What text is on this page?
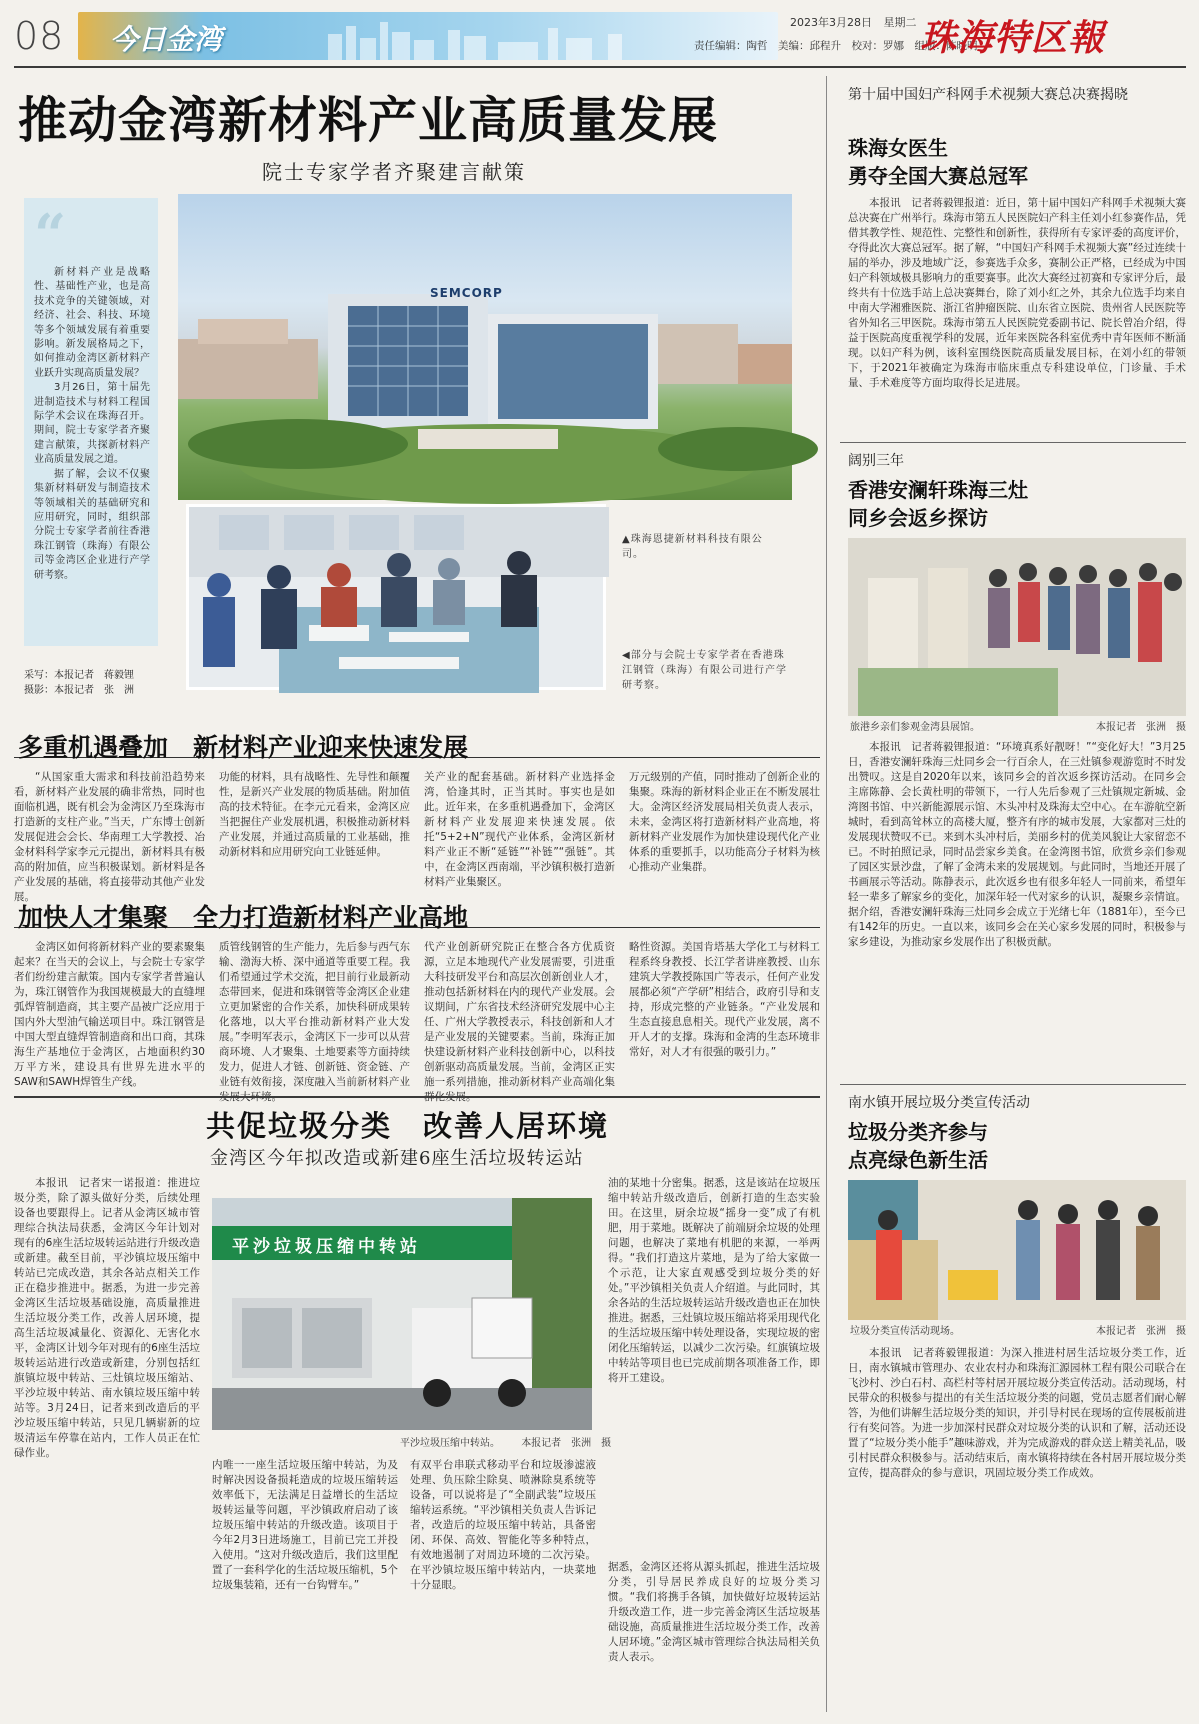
08 今日金湾
2023年3月28日 星期二
责任编辑：陶哲　美编：邱程升　校对：罗娜　组版：陈晓明
珠海特区報
推动金湾新材料产业高质量发展
院士专家学者齐聚建言献策
“
新材料产业是战略性、基础性产业，也是高技术竞争的关键领域，对经济、社会、科技、环境等多个领域发展有着重要影响。新发展格局之下，如何推动金湾区新材料产业跃升实现高质量发展？
3月26日，第十届先进制造技术与材料工程国际学术会议在珠海召开。期间，院士专家学者齐聚建言献策，共探新材料产业高质量发展之道。
据了解，会议不仅聚集新材料研发与制造技术等领域相关的基础研究和应用研究，同时，组织部分院士专家学者前往香港珠江钢管（珠海）有限公司等金湾区企业进行产学研考察。
采写：本报记者　蒋毅锂
摄影：本报记者　张　洲
SEMCORP
▲珠海恩捷新材料科技有限公司。
◀部分与会院士专家学者在香港珠江钢管（珠海）有限公司进行产学研考察。
多重机遇叠加　新材料产业迎来快速发展
“从国家重大需求和科技前沿趋势来看，新材料产业发展的确非常热，同时也面临机遇，既有机会为金湾区乃至珠海市打造新的支柱产业。”当天，广东博士创新发展促进会会长、华南理工大学教授、冶金材料科学家李元元提出，新材料具有极高的附加值，应当积极谋划。新材料是各产业发展的基础，将直接带动其他产业发展。
功能的材料，具有战略性、先导性和颠覆性，是新兴产业发展的物质基础。附加值高的技术特征。在李元元看来，金湾区应当把握住产业发展机遇，积极推动新材料产业发展，并通过高质量的工业基础，推动新材料和应用研究向工业链延伸。
关产业的配套基础。新材料产业选择金湾，恰逢其时，正当其时。事实也是如此。近年来，在多重机遇叠加下，金湾区新材料产业发展迎来快速发展。依托“5+2+N”现代产业体系，金湾区新材料产业正不断“延链”“补链”“强链”。其中，在金湾区西南端，平沙镇积极打造新材料产业集聚区。
万元级别的产值，同时推动了创新企业的集聚。珠海的新材料企业正在不断发展壮大。金湾区经济发展局相关负责人表示，未来，金湾区将打造新材料产业高地，将新材料产业发展作为加快建设现代化产业体系的重要抓手，以功能高分子材料为核心推动产业集群。
加快人才集聚　全力打造新材料产业高地
金湾区如何将新材料产业的要素聚集起来？在当天的会议上，与会院士专家学者们纷纷建言献策。国内专家学者普遍认为，珠江钢管作为我国规模最大的直缝埋弧焊管制造商，其主要产品被广泛应用于国内外大型油气输送项目中。珠江钢管是中国大型直缝焊管制造商和出口商，其珠海生产基地位于金湾区，占地面积约30万平方米，建设具有世界先进水平的SAW和SAWH焊管生产线。
质管线钢管的生产能力，先后参与西气东输、渤海大桥、深中通道等重要工程。我们希望通过学术交流，把目前行业最新动态带回来，促进和珠钢管等金湾区企业建立更加紧密的合作关系，加快科研成果转化落地，以大平台推动新材料产业大发展。”李明军表示，金湾区下一步可以从营商环境、人才聚集、土地要素等方面持续发力，促进人才链、创新链、资金链、产业链有效衔接，深度融入当前新材料产业
代产业创新研究院正在整合各方优质资源，立足本地现代产业发展需要，引进重大科技研发平台和高层次创新创业人才，推动包括新材料在内的现代产业发展。会议期间，广东省技术经济研究发展中心主任、广州大学教授表示，科技创新和人才是产业发展的关键要素。当前，珠海正加快建设新材料产业科技创新中心，以科技创新驱动高质量发展。当前，金湾区正实施一系列措施，推动新材料产业高端化集
略性资源。美国肯塔基大学化工与材料工程系终身教授、长江学者讲座教授、山东建筑大学教授陈国广等表示，任何产业发展都必须“产学研”相结合，政府引导和支持，形成完整的产业链条。“产业发展和生态直接息息相关。现代产业发展，离不开人才的支撑。珠海和金湾的生态环境非常好，对人才有很强的吸引力。”
共促垃圾分类　改善人居环境
金湾区今年拟改造或新建6座生活垃圾转运站
本报讯　记者宋一诺报道：推进垃圾分类，除了源头做好分类，后续处理设备也要跟得上。记者从金湾区城市管理综合执法局获悉，金湾区今年计划对现有的6座生活垃圾转运站进行升级改造或新建。截至目前，平沙镇垃圾压缩中转站已完成改造，其余各站点相关工作正在稳步推进中。据悉，为进一步完善金湾区生活垃圾基础设施，高质量推进生活垃圾分类工作，改善人居环境，提高生活垃圾减量化、资源化、无害化水平，金湾区计划今年对现有的6座生活垃圾转运站进行改造或新建，分别包括红旗镇垃圾中转站、三灶镇垃圾压缩站、平沙垃圾中转站、南水镇垃圾压缩中转站等。3月24日，记者来到改造后的平沙垃圾压缩中转站，只见几辆崭新的垃圾清运车停靠在站内，工作人员正在忙碌作业。
平沙垃圾压缩中转站
平沙垃圾压缩中转站。 本报记者　张洲　摄
内唯一一座生活垃圾压缩中转站，为及时解决因设备损耗造成的垃圾压缩转运效率低下，无法满足日益增长的生活垃圾转运量等问题，平沙镇政府启动了该垃圾压缩中转站的升级改造。该项目于今年2月3日进场施工，目前已完工并投入使用。“这对升级改造后，我们这里配置了一套科学化的生活垃圾压缩机，5个垃圾集装箱，还有一台钩臂车。”
有双平台串联式移动平台和垃圾渗滤液处理、负压除尘除臭、喷淋除臭系统等设备，可以说将是了“全副武装”垃圾压缩转运系统。“平沙镇相关负责人告诉记者，改造后的垃圾压缩中转站，具备密闭、环保、高效、智能化等多种特点，有效地遏制了对周边环境的二次污染。在平沙镇垃圾压缩中转站内，一块菜地十分显眼。
油的某地十分密集。据悉，这是该站在垃圾压缩中转站升级改造后，创新打造的生态实验田。在这里，厨余垃圾“摇身一变”成了有机肥，用于菜地。既解决了前端厨余垃圾的处理问题，也解决了菜地有机肥的来源，一举两得。“我们打造这片菜地，是为了给大家做一个示范，让大家直观感受到垃圾分类的好处。”平沙镇相关负责人介绍道。与此同时，其余各站的生活垃圾转运站升级改造也正在加快推进。据悉，三灶镇垃圾压缩站将采用现代化的生活垃圾压缩中转处理设备，实现垃圾的密闭化压缩转运，以减少二次污染。红旗镇垃圾中转站等项目也已完成前期各项准备工作，即将开工建设。
据悉，金湾区还将从源头抓起，推进生活垃圾分类，引导居民养成良好的垃圾分类习惯。“我们将携手各镇，加快做好垃圾转运站升级改造工作，进一步完善金湾区生活垃圾基础设施，高质量推进生活垃圾分类工作，改善人居环境。”金湾区城市管理综合执法局相关负责人表示。
第十届中国妇产科网手术视频大赛总决赛揭晓
珠海女医生
勇夺全国大赛总冠军
本报讯　记者蒋毅锂报道：近日，第十届中国妇产科网手术视频大赛总决赛在广州举行。珠海市第五人民医院妇产科主任刘小红参赛作品，凭借其教学性、规范性、完整性和创新性，获得所有专家评委的高度评价，夺得此次大赛总冠军。据了解，“中国妇产科网手术视频大赛”经过连续十届的举办，涉及地域广泛，参赛选手众多，赛制公正严格，已经成为中国妇产科领域极具影响力的重要赛事。此次大赛经过初赛和专家评分后，最终共有十位选手站上总决赛舞台，除了刘小红之外，其余九位选手均来自中南大学湘雅医院、浙江省肿瘤医院、山东省立医院、贵州省人民医院等省外知名三甲医院。珠海市第五人民医院党委副书记、院长曾冶介绍，得益于医院高度重视学科的发展，近年来医院各科室优秀中青年医师不断涌现。以妇产科为例，该科室围绕医院高质量发展目标，在刘小红的带领下，于2021年被确定为珠海市临床重点专科建设单位，门诊量、手术量、手术难度等方面均取得长足进展。
阔别三年
香港安澜轩珠海三灶
同乡会返乡探访
旅港乡亲们参观金湾县展馆。	本报记者　张洲　摄
本报讯　记者蒋毅锂报道：“环境真系好靓呀！”“变化好大！”3月25日，香港安澜轩珠海三灶同乡会一行百余人，在三灶镇参观游览时不时发出赞叹。这是自2020年以来，该同乡会的首次返乡探访活动。在同乡会主席陈静、会长黄杜明的带领下，一行人先后参观了三灶镇规定新城、金湾图书馆、中兴新能源展示馆、木头冲村及珠海太空中心。在车游航空新城时，看到高耸林立的高楼大厦，整齐有序的城市发展，大家都对三灶的发展现状赞叹不已。来到木头冲村后，美丽乡村的优美风貌让大家留恋不已。不时拍照记录，同时品尝家乡美食。在金湾图书馆，欣赏乡亲们参观了园区实景沙盘，了解了金湾未来的发展规划。与此同时，当地还开展了书画展示等活动。陈静表示，此次返乡也有很多年轻人一同前来，希望年轻一辈多了解家乡的变化，加深年轻一代对家乡的认识，凝聚乡亲情谊。据介绍，香港安澜轩珠海三灶同乡会成立于光绪七年（1881年），至今已有142年的历史。一直以来，该同乡会在关心家乡发展的同时，积极参与家乡建设，为推动家乡发展作出了积极贡献。
南水镇开展垃圾分类宣传活动
垃圾分类齐参与
点亮绿色新生活
垃圾分类宣传活动现场。	本报记者　张洲　摄
本报讯　记者蒋毅锂报道：为深入推进村居生活垃圾分类工作，近日，南水镇城市管理办、农业农村办和珠海汇源园林工程有限公司联合在飞沙村、沙白石村、高栏村等村居开展垃圾分类宣传活动。活动现场，村民带众的积极参与提出的有关生活垃圾分类的问题，党员志愿者们耐心解答，为他们讲解生活垃圾分类的知识，并引导村民在现场的宣传展板前进行有奖问答。为进一步加深村民群众对垃圾分类的认识和了解，活动还设置了“垃圾分类小能手”趣味游戏，并为完成游戏的群众送上精美礼品，吸引村民群众积极参与。活动结束后，南水镇将持续在各村居开展垃圾分类宣传，提高群众的参与意识，巩固垃圾分类工作成效。
